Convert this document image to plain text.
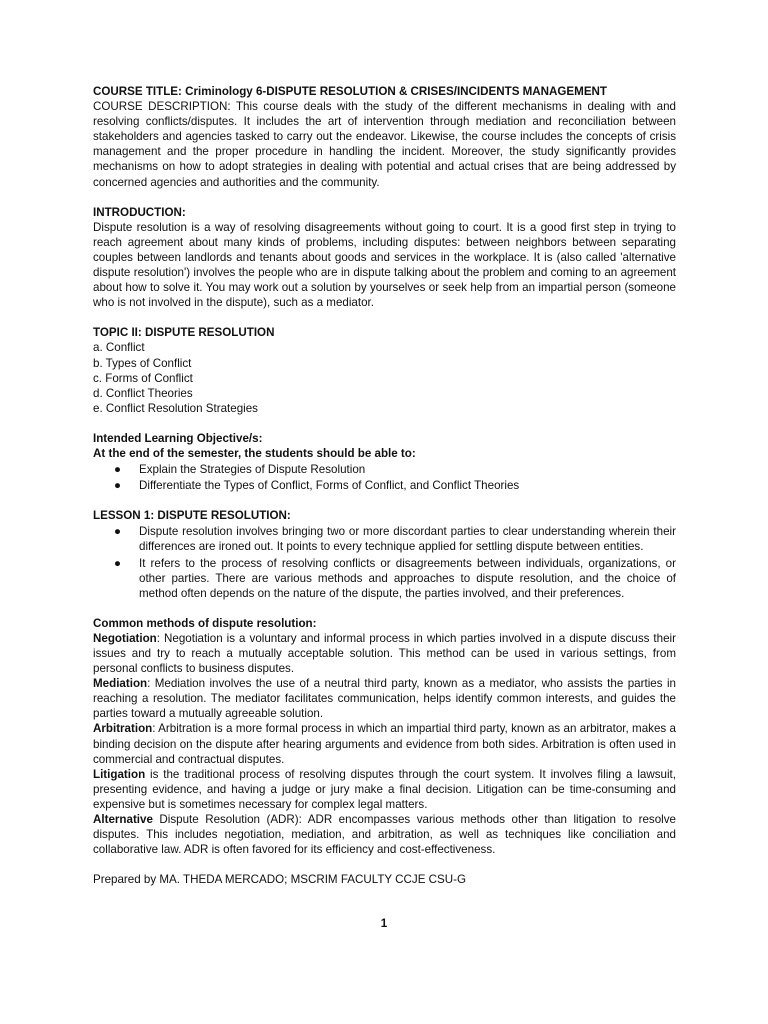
COURSE TITLE: Criminology 6-DISPUTE RESOLUTION & CRISES/INCIDENTS MANAGEMENT

COURSE DESCRIPTION: This course deals with the study of the different mechanisms in dealing with and resolving conflicts/disputes. It includes the art of intervention through mediation and reconciliation between stakeholders and agencies tasked to carry out the endeavor. Likewise, the course includes the concepts of crisis management and the proper procedure in handling the incident. Moreover, the study significantly provides mechanisms on how to adopt strategies in dealing with potential and actual crises that are being addressed by concerned agencies and authorities and the community.

INTRODUCTION:

Dispute resolution is a way of resolving disagreements without going to court. It is a good first step in trying to reach agreement about many kinds of problems, including disputes: between neighbors between separating couples between landlords and tenants about goods and services in the workplace. It is (also called 'alternative dispute resolution') involves the people who are in dispute talking about the problem and coming to an agreement about how to solve it. You may work out a solution by yourselves or seek help from an impartial person (someone who is not involved in the dispute), such as a mediator.

TOPIC II: DISPUTE RESOLUTION

a. Conflict

b. Types of Conflict

c. Forms of Conflict

d. Conflict Theories

e. Conflict Resolution Strategies

Intended Learning Objective/s:

At the end of the semester, the students should be able to:

● Explain the Strategies of Dispute Resolution
● Differentiate the Types of Conflict, Forms of Conflict, and Conflict Theories

LESSON 1: DISPUTE RESOLUTION:

● Dispute resolution involves bringing two or more discordant parties to clear understanding wherein their differences are ironed out. It points to every technique applied for settling dispute between entities.
● It refers to the process of resolving conflicts or disagreements between individuals, organizations, or other parties. There are various methods and approaches to dispute resolution, and the choice of method often depends on the nature of the dispute, the parties involved, and their preferences.

Common methods of dispute resolution:

Negotiation: Negotiation is a voluntary and informal process in which parties involved in a dispute discuss their issues and try to reach a mutually acceptable solution. This method can be used in various settings, from personal conflicts to business disputes.

Mediation: Mediation involves the use of a neutral third party, known as a mediator, who assists the parties in reaching a resolution. The mediator facilitates communication, helps identify common interests, and guides the parties toward a mutually agreeable solution.

Arbitration: Arbitration is a more formal process in which an impartial third party, known as an arbitrator, makes a binding decision on the dispute after hearing arguments and evidence from both sides. Arbitration is often used in commercial and contractual disputes.

Litigation is the traditional process of resolving disputes through the court system. It involves filing a lawsuit, presenting evidence, and having a judge or jury make a final decision. Litigation can be time-consuming and expensive but is sometimes necessary for complex legal matters.

Alternative Dispute Resolution (ADR): ADR encompasses various methods other than litigation to resolve disputes. This includes negotiation, mediation, and arbitration, as well as techniques like conciliation and collaborative law. ADR is often favored for its efficiency and cost-effectiveness.

Prepared by MA. THEDA MERCADO; MSCRIM FACULTY CCJE CSU-G

1
